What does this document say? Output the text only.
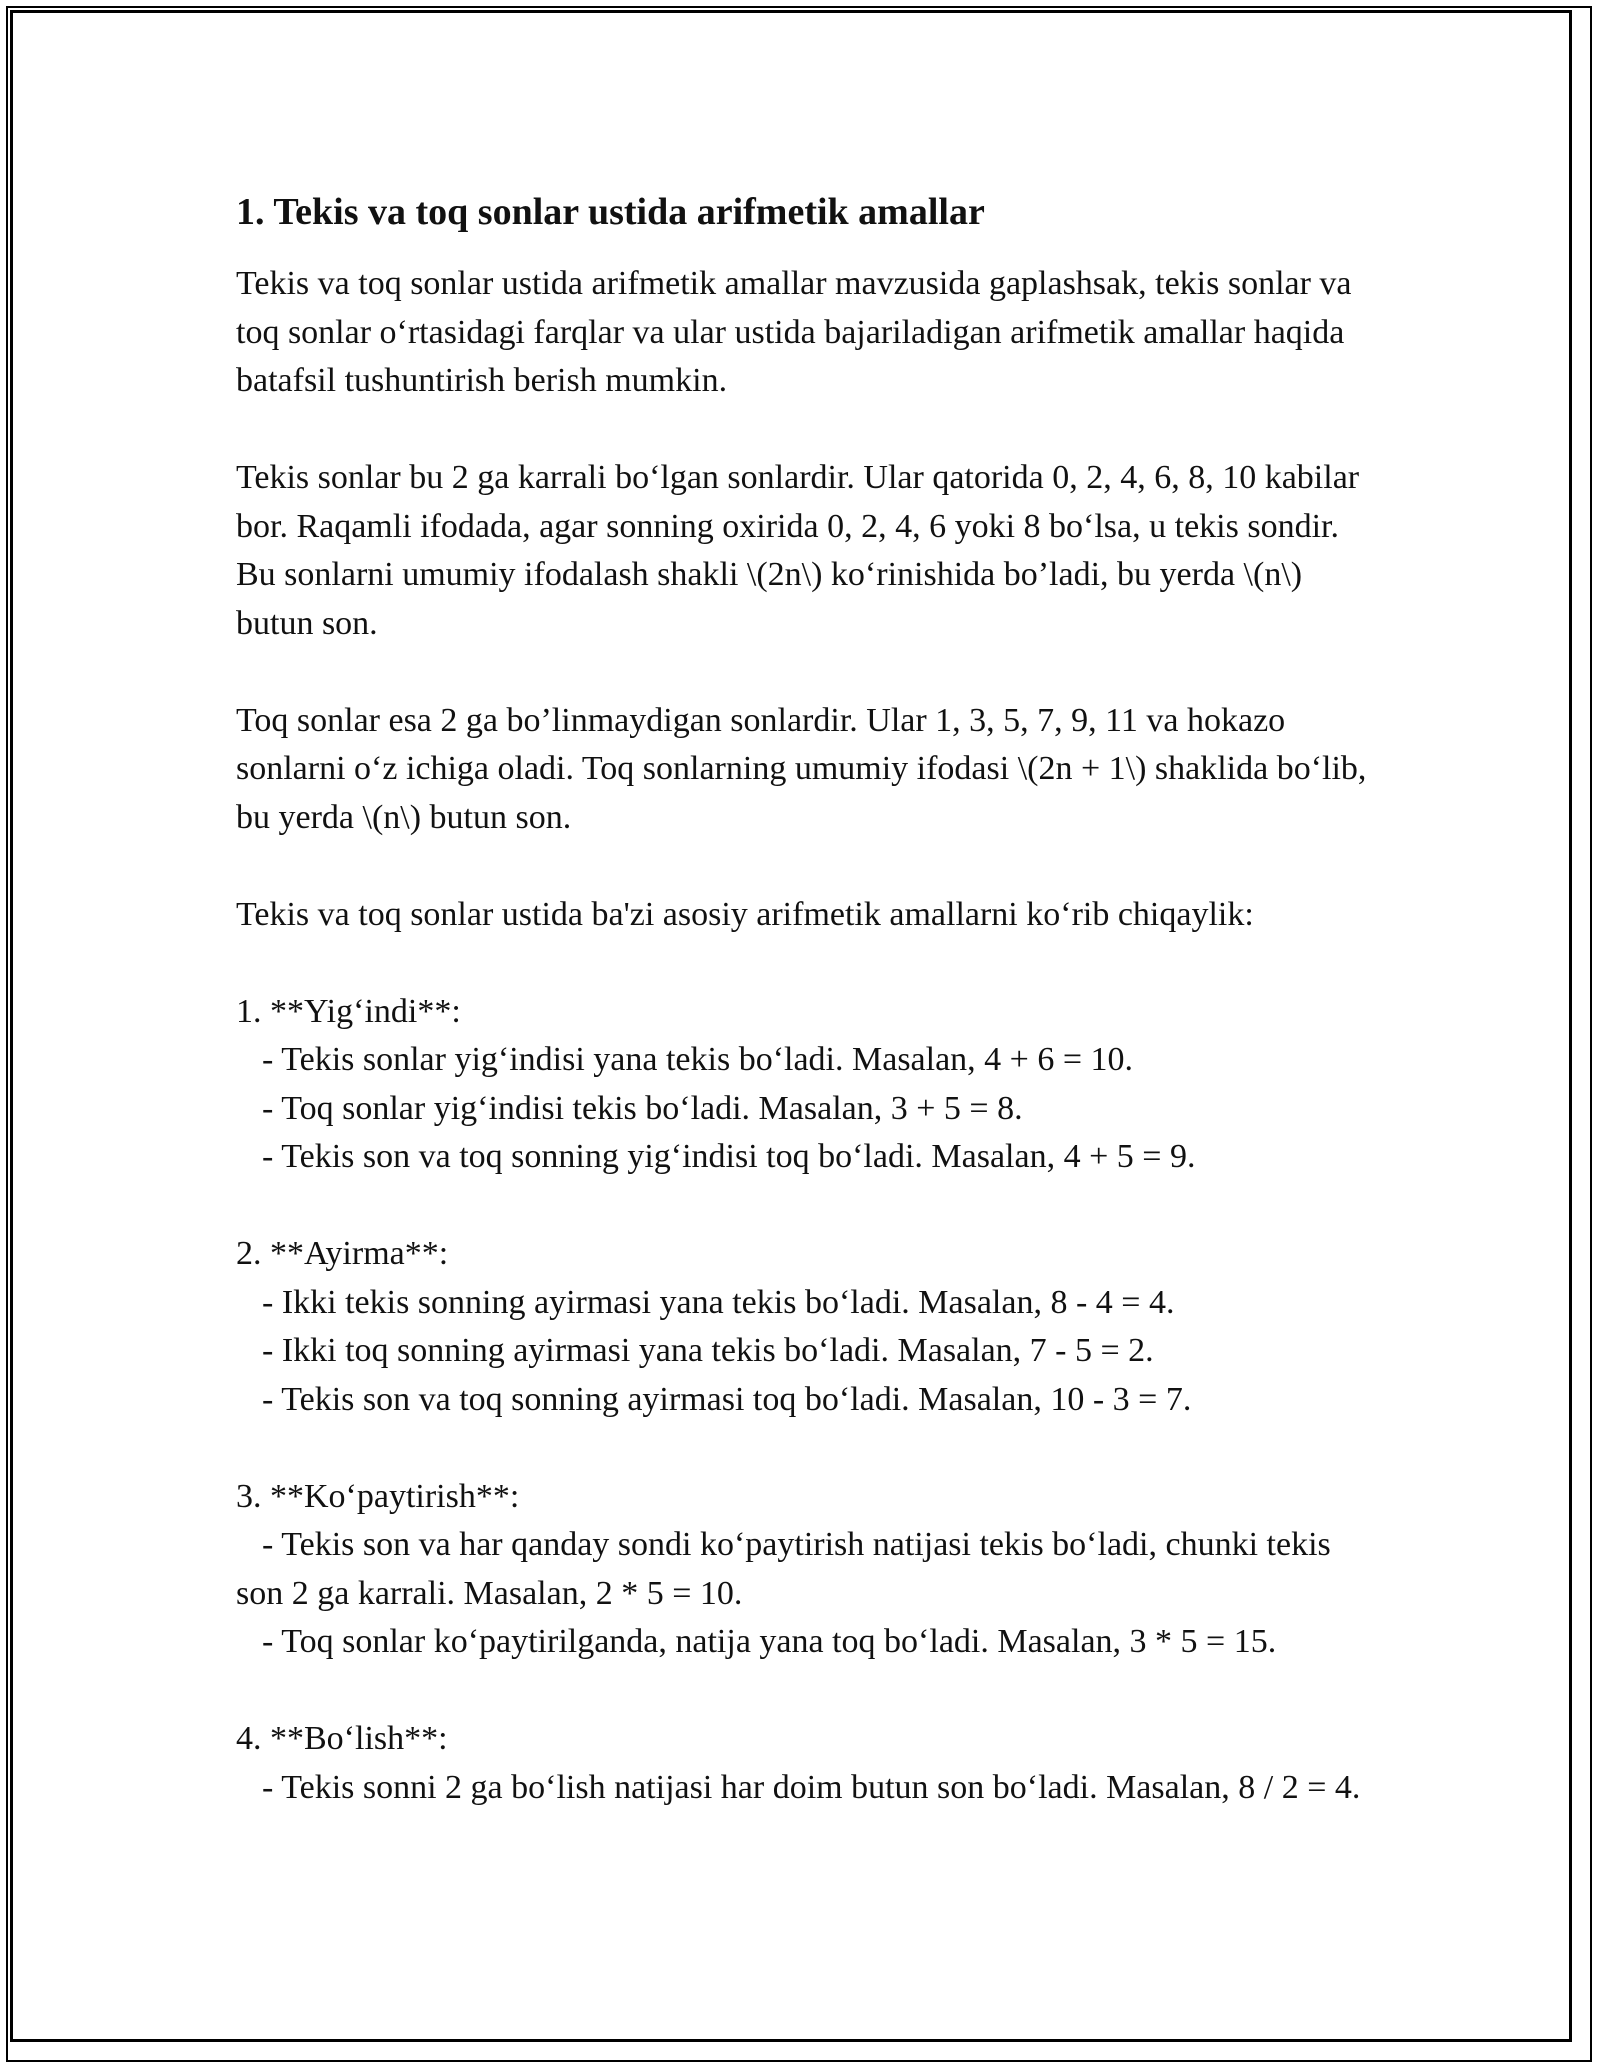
1. Tekis va toq sonlar ustida arifmetik amallar

Tekis va toq sonlar ustida arifmetik amallar mavzusida gaplashsak, tekis sonlar va toq sonlar o‘rtasidagi farqlar va ular ustida bajariladigan arifmetik amallar haqida batafsil tushuntirish berish mumkin.

Tekis sonlar bu 2 ga karrali bo‘lgan sonlardir. Ular qatorida 0, 2, 4, 6, 8, 10 kabilar bor. Raqamli ifodada, agar sonning oxirida 0, 2, 4, 6 yoki 8 bo‘lsa, u tekis sondir. Bu sonlarni umumiy ifodalash shakli \(2n\) ko‘rinishida bo’ladi, bu yerda \(n\) butun son.

Toq sonlar esa 2 ga bo’linmaydigan sonlardir. Ular 1, 3, 5, 7, 9, 11 va hokazo sonlarni o‘z ichiga oladi. Toq sonlarning umumiy ifodasi \(2n + 1\) shaklida bo‘lib, bu yerda \(n\) butun son.

Tekis va toq sonlar ustida ba'zi asosiy arifmetik amallarni ko‘rib chiqaylik:

1. **Yig‘indi**:
- Tekis sonlar yig‘indisi yana tekis bo‘ladi. Masalan, 4 + 6 = 10.
- Toq sonlar yig‘indisi tekis bo‘ladi. Masalan, 3 + 5 = 8.
- Tekis son va toq sonning yig‘indisi toq bo‘ladi. Masalan, 4 + 5 = 9.
2. **Ayirma**:
- Ikki tekis sonning ayirmasi yana tekis bo‘ladi. Masalan, 8 - 4 = 4.
- Ikki toq sonning ayirmasi yana tekis bo‘ladi. Masalan, 7 - 5 = 2.
- Tekis son va toq sonning ayirmasi toq bo‘ladi. Masalan, 10 - 3 = 7.
3. **Ko‘paytirish**:
- Tekis son va har qanday sondi ko‘paytirish natijasi tekis bo‘ladi, chunki tekis son 2 ga karrali. Masalan, 2 * 5 = 10.
- Toq sonlar ko‘paytirilganda, natija yana toq bo‘ladi. Masalan, 3 * 5 = 15.
4. **Bo‘lish**:
- Tekis sonni 2 ga bo‘lish natijasi har doim butun son bo‘ladi. Masalan, 8 / 2 = 4.
